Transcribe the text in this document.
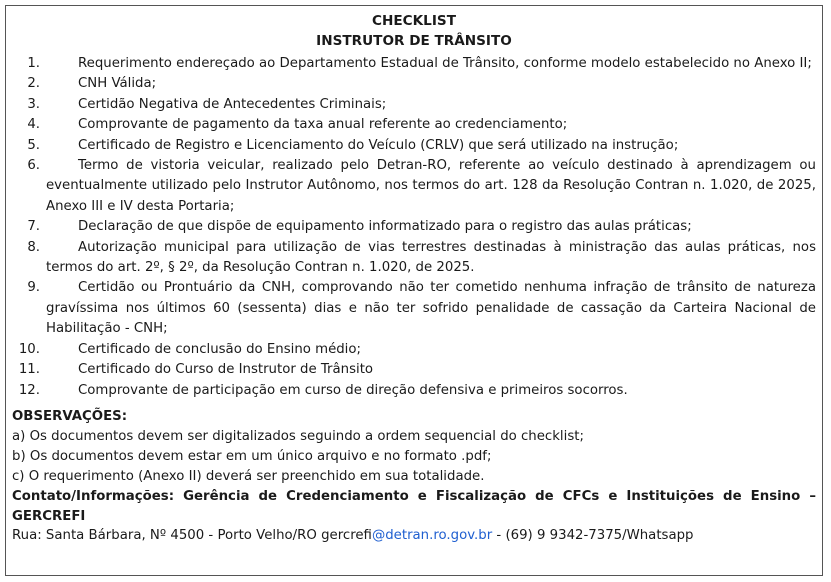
CHECKLIST
INSTRUTOR DE TRÂNSITO
1.	Requerimento endereçado ao Departamento Estadual de Trânsito, conforme modelo estabelecido no Anexo II;
2.	CNH Válida;
3.	Certidão Negativa de Antecedentes Criminais;
4.	Comprovante de pagamento da taxa anual referente ao credenciamento;
5.	Certificado de Registro e Licenciamento do Veículo (CRLV) que será utilizado na instrução;
6.	Termo de vistoria veicular, realizado pelo Detran-RO, referente ao veículo destinado à aprendizagem ou eventualmente utilizado pelo Instrutor Autônomo, nos termos do art. 128 da Resolução Contran n. 1.020, de 2025, Anexo III e IV desta Portaria;
7.	Declaração de que dispõe de equipamento informatizado para o registro das aulas práticas;
8.	Autorização municipal para utilização de vias terrestres destinadas à ministração das aulas práticas, nos termos do art. 2º, § 2º, da Resolução Contran n. 1.020, de 2025.
9.	Certidão ou Prontuário da CNH, comprovando não ter cometido nenhuma infração de trânsito de natureza gravíssima nos últimos 60 (sessenta) dias e não ter sofrido penalidade de cassação da Carteira Nacional de Habilitação - CNH;
10.	Certificado de conclusão do Ensino médio;
11.	Certificado do Curso de Instrutor de Trânsito
12.	Comprovante de participação em curso de direção defensiva e primeiros socorros.
OBSERVAÇÕES:
a) Os documentos devem ser digitalizados seguindo a ordem sequencial do checklist;
b) Os documentos devem estar em um único arquivo e no formato .pdf;
c) O requerimento (Anexo II) deverá ser preenchido em sua totalidade.
Contato/Informações: Gerência de Credenciamento e Fiscalização de CFCs e Instituições de Ensino – GERCREFI
Rua: Santa Bárbara, Nº 4500 - Porto Velho/RO gercrefi@detran.ro.gov.br - (69) 9 9342-7375/Whatsapp
